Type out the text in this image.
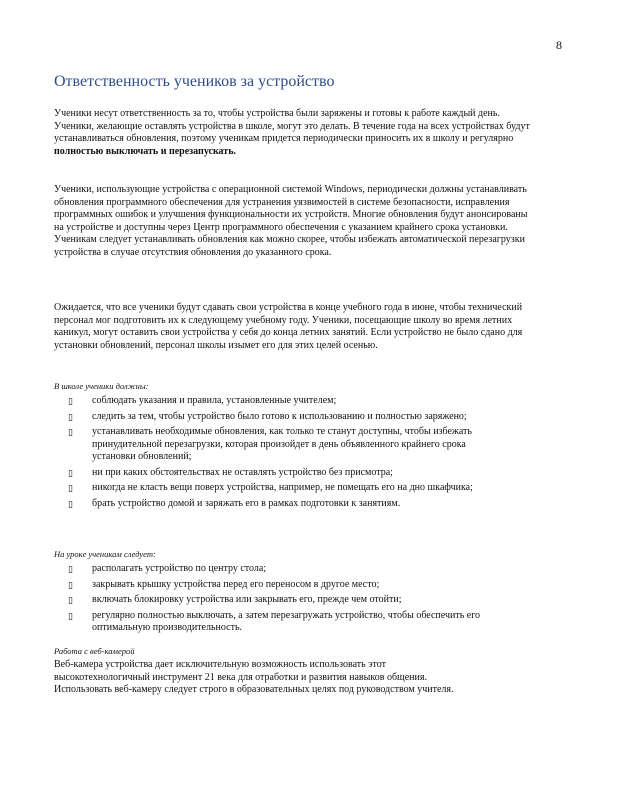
8
Ответственность учеников за устройство

Ученики несут ответственность за то, чтобы устройства были заряжены и готовы к работе каждый день. Ученики, желающие оставлять устройства в школе, могут это делать. В течение года на всех устройствах будут устанавливаться обновления, поэтому ученикам придется периодически приносить их в школу и регулярно полностью выключать и перезапускать.

Ученики, использующие устройства с операционной системой Windows, периодически должны устанавливать обновления программного обеспечения для устранения уязвимостей в системе безопасности, исправления программных ошибок и улучшения функциональности их устройств. Многие обновления будут анонсированы на устройстве и доступны через Центр программного обеспечения с указанием крайнего срока установки. Ученикам следует устанавливать обновления как можно скорее, чтобы избежать автоматической перезагрузки устройства в случае отсутствия обновления до указанного срока.

Ожидается, что все ученики будут сдавать свои устройства в конце учебного года в июне, чтобы технический персонал мог подготовить их к следующему учебному году. Ученики, посещающие школу во время летних каникул, могут оставить свои устройства у себя до конца летних занятий. Если устройство не было сдано для установки обновлений, персонал школы изымет его для этих целей осенью.

В школе ученики должны:

▯ соблюдать указания и правила, установленные учителем;
▯ следить за тем, чтобы устройство было готово к использованию и полностью заряжено;
▯ устанавливать необходимые обновления, как только те станут доступны, чтобы избежать принудительной перезагрузки, которая произойдет в день объявленного крайнего срока установки обновлений;
▯ ни при каких обстоятельствах не оставлять устройство без присмотра;
▯ никогда не класть вещи поверх устройства, например, не помещать его на дно шкафчика;
▯ брать устройство домой и заряжать его в рамках подготовки к занятиям.

На уроке ученикам следует:

▯ располагать устройство по центру стола;
▯ закрывать крышку устройства перед его переносом в другое место;
▯ включать блокировку устройства или закрывать его, прежде чем отойти;
▯ регулярно полностью выключать, а затем перезагружать устройство, чтобы обеспечить его оптимальную производительность.

Работа с веб-камерой

Веб-камера устройства дает исключительную возможность использовать этот высокотехнологичный инструмент 21 века для отработки и развития навыков общения. Использовать веб-камеру следует строго в образовательных целях под руководством учителя.
